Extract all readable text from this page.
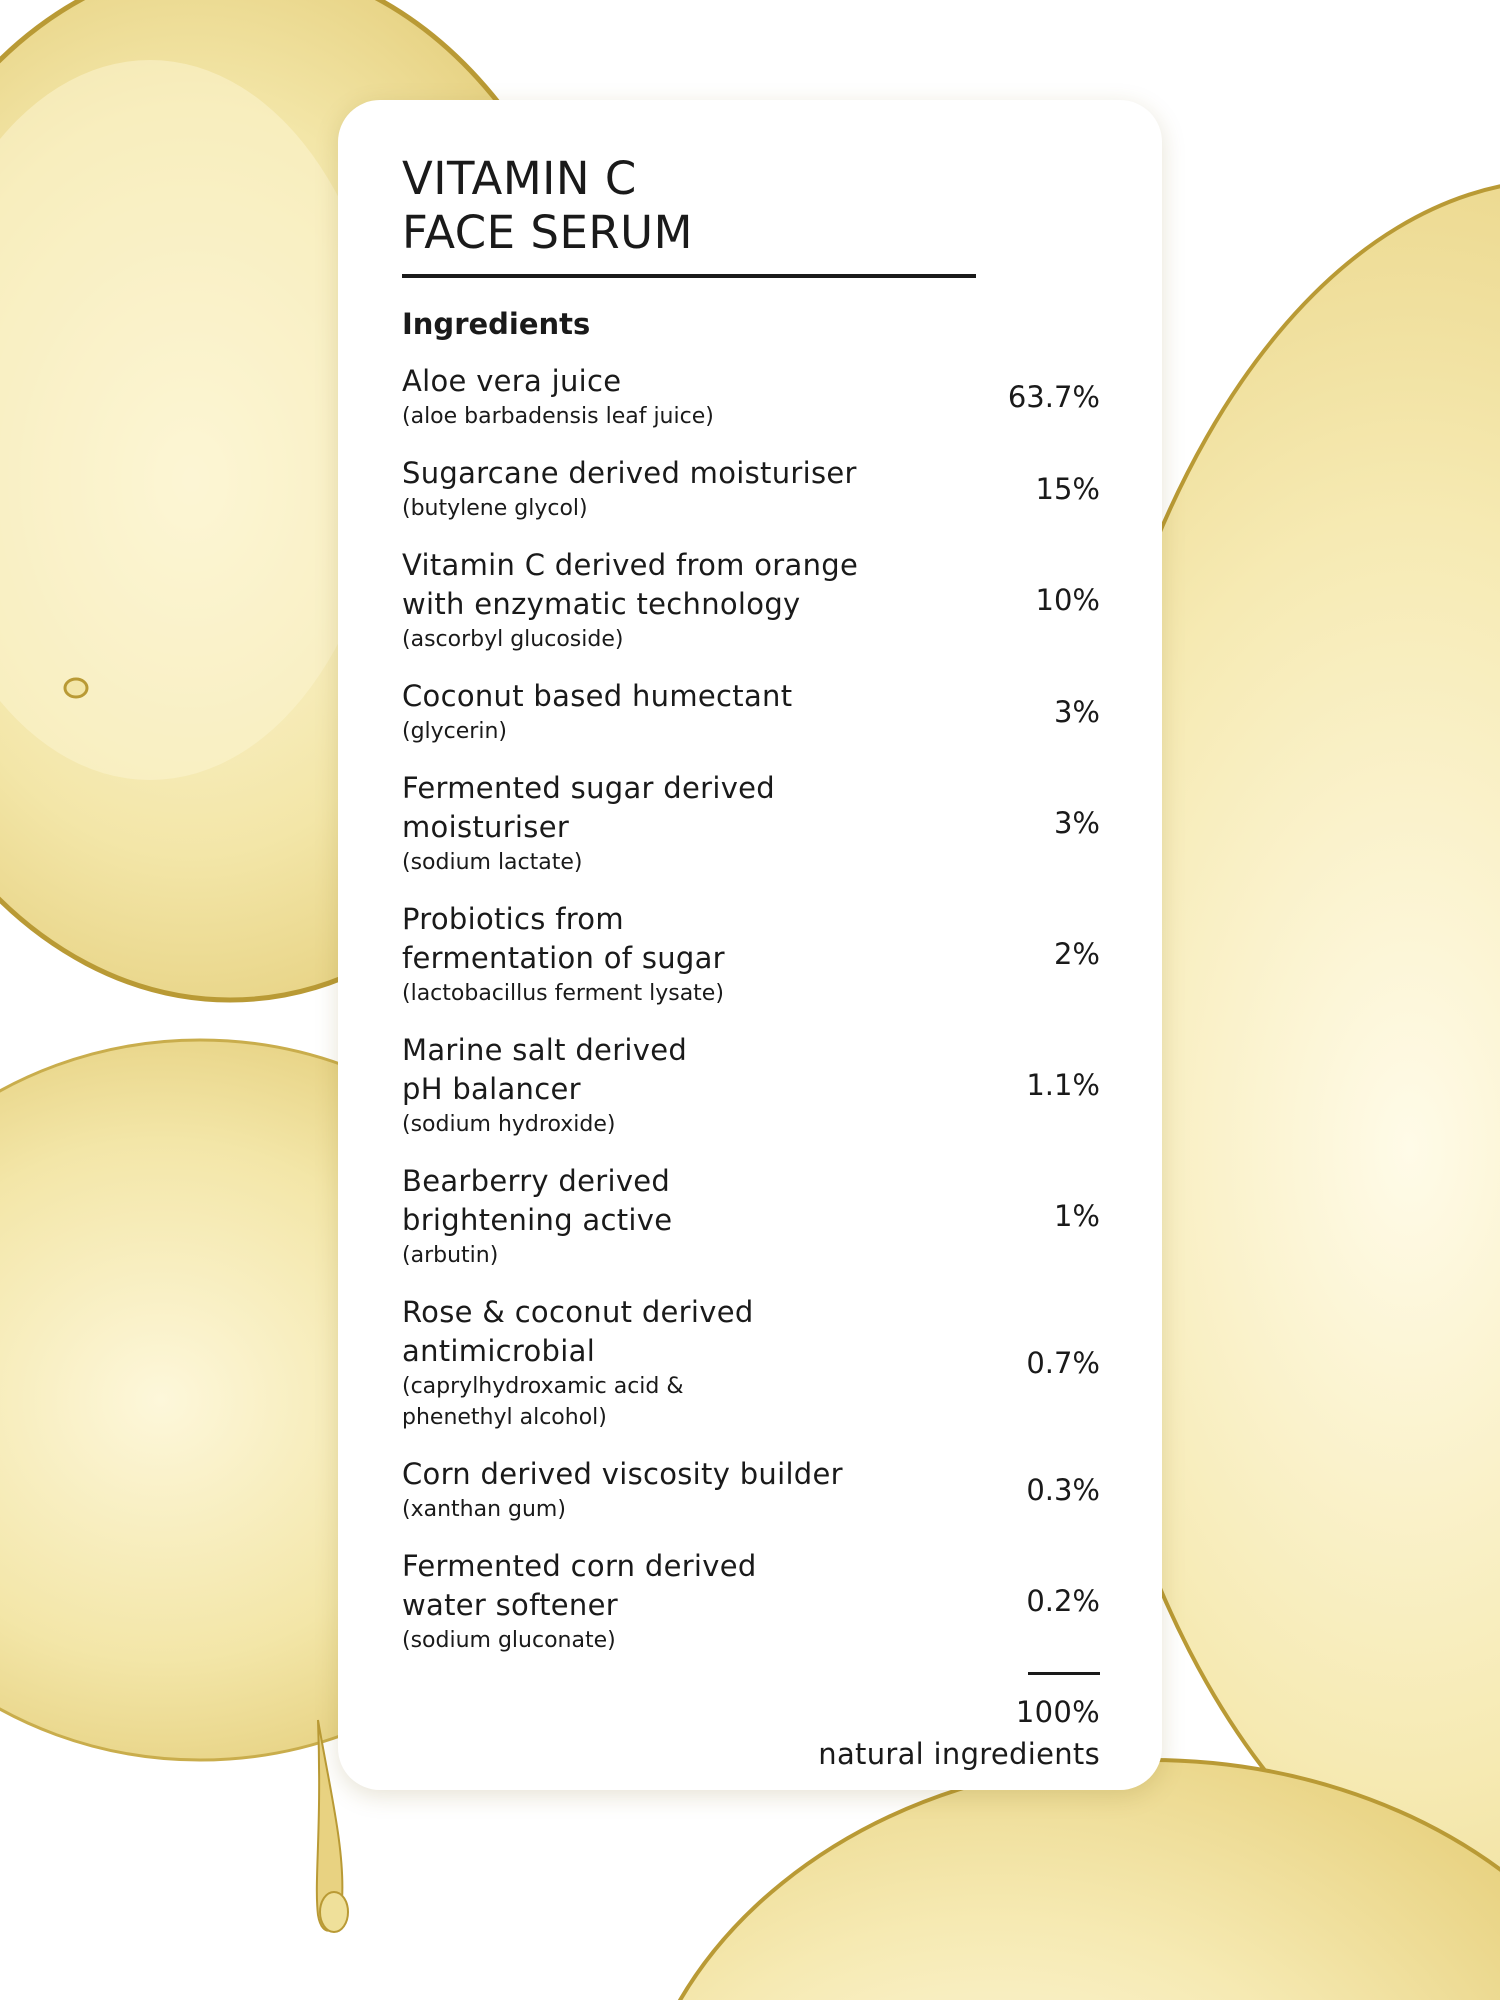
VITAMIN C
FACE SERUM
Ingredients
Aloe vera juice
(aloe barbadensis leaf juice)
63.7%
Sugarcane derived moisturiser
(butylene glycol)
15%
Vitamin C derived from orange
with enzymatic technology
(ascorbyl glucoside)
10%
Coconut based humectant
(glycerin)
3%
Fermented sugar derived
moisturiser
(sodium lactate)
3%
Probiotics from
fermentation of sugar
(lactobacillus ferment lysate)
2%
Marine salt derived
pH balancer
(sodium hydroxide)
1.1%
Bearberry derived
brightening active
(arbutin)
1%
Rose & coconut derived
antimicrobial
(caprylhydroxamic acid &
phenethyl alcohol)
0.7%
Corn derived viscosity builder
(xanthan gum)
0.3%
Fermented corn derived
water softener
(sodium gluconate)
0.2%
100%
natural ingredients
